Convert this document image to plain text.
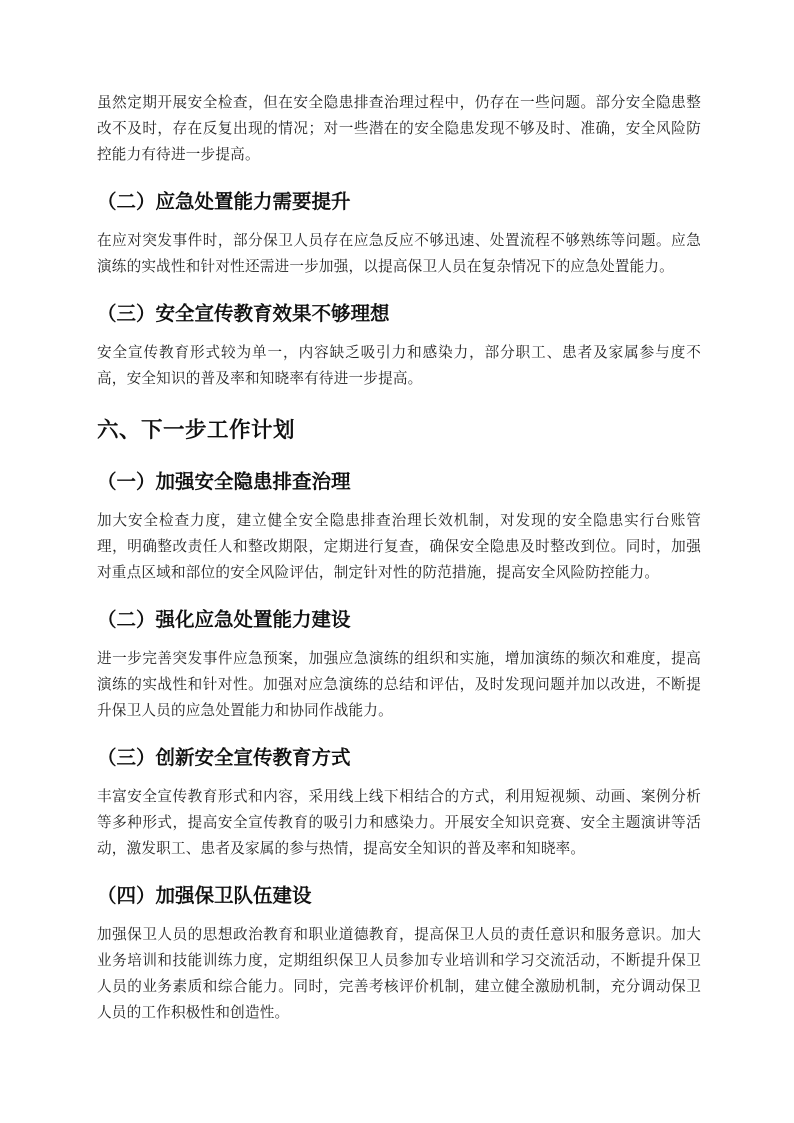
虽然定期开展安全检查，但在安全隐患排查治理过程中，仍存在一些问题。部分安全隐患整改不及时，存在反复出现的情况；对一些潜在的安全隐患发现不够及时、准确，安全风险防控能力有待进一步提高。

（二）应急处置能力需要提升

在应对突发事件时，部分保卫人员存在应急反应不够迅速、处置流程不够熟练等问题。应急演练的实战性和针对性还需进一步加强，以提高保卫人员在复杂情况下的应急处置能力。

（三）安全宣传教育效果不够理想

安全宣传教育形式较为单一，内容缺乏吸引力和感染力，部分职工、患者及家属参与度不高，安全知识的普及率和知晓率有待进一步提高。

六、下一步工作计划
（一）加强安全隐患排查治理

加大安全检查力度，建立健全安全隐患排查治理长效机制，对发现的安全隐患实行台账管理，明确整改责任人和整改期限，定期进行复查，确保安全隐患及时整改到位。同时，加强对重点区域和部位的安全风险评估，制定针对性的防范措施，提高安全风险防控能力。

（二）强化应急处置能力建设

进一步完善突发事件应急预案，加强应急演练的组织和实施，增加演练的频次和难度，提高演练的实战性和针对性。加强对应急演练的总结和评估，及时发现问题并加以改进，不断提升保卫人员的应急处置能力和协同作战能力。

（三）创新安全宣传教育方式

丰富安全宣传教育形式和内容，采用线上线下相结合的方式，利用短视频、动画、案例分析等多种形式，提高安全宣传教育的吸引力和感染力。开展安全知识竞赛、安全主题演讲等活动，激发职工、患者及家属的参与热情，提高安全知识的普及率和知晓率。

（四）加强保卫队伍建设

加强保卫人员的思想政治教育和职业道德教育，提高保卫人员的责任意识和服务意识。加大业务培训和技能训练力度，定期组织保卫人员参加专业培训和学习交流活动，不断提升保卫人员的业务素质和综合能力。同时，完善考核评价机制，建立健全激励机制，充分调动保卫人员的工作积极性和创造性。
